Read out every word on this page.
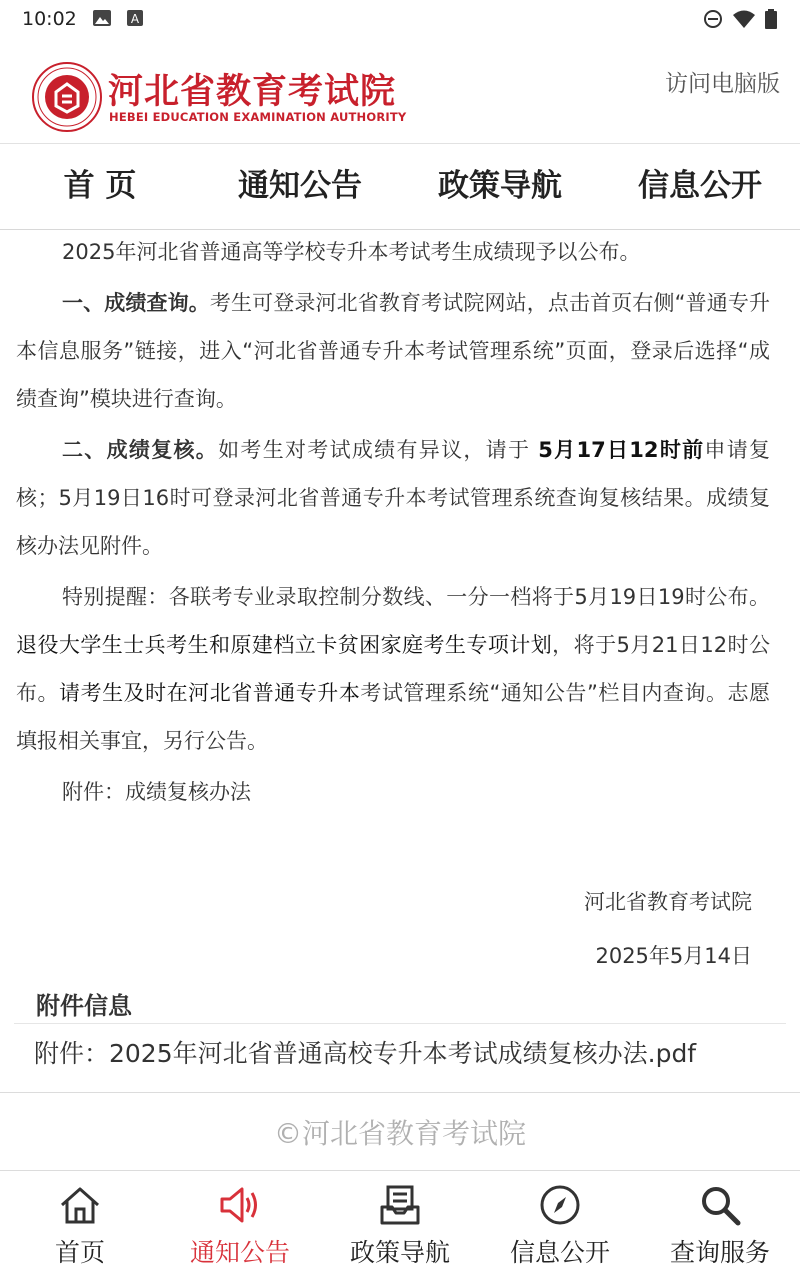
10:02	A
河北省教育考试院
HEBEI EDUCATION EXAMINATION AUTHORITY
访问电脑版
首 页	通知公告	政策导航	信息公开

2025年河北省普通高等学校专升本考试考生成绩现予以公布。

一、成绩查询。考生可登录河北省教育考试院网站，点击首页右侧“普通专升本信息服务”链接，进入“河北省普通专升本考试管理系统”页面，登录后选择“成绩查询”模块进行查询。

二、成绩复核。如考生对考试成绩有异议，请于 5月17日12时前申请复核；5月19日16时可登录河北省普通专升本考试管理系统查询复核结果。成绩复核办法见附件。

特别提醒：各联考专业录取控制分数线、一分一档将于5月19日19时公布。退役大学生士兵考生和原建档立卡贫困家庭考生专项计划，将于5月21日12时公布。请考生及时在河北省普通专升本考试管理系统“通知公告”栏目内查询。志愿填报相关事宜，另行公告。

附件：成绩复核办法

河北省教育考试院
2025年5月14日
附件信息
附件：2025年河北省普通高校专升本考试成绩复核办法.pdf
©河北省教育考试院
首页	通知公告	政策导航	信息公开	查询服务
